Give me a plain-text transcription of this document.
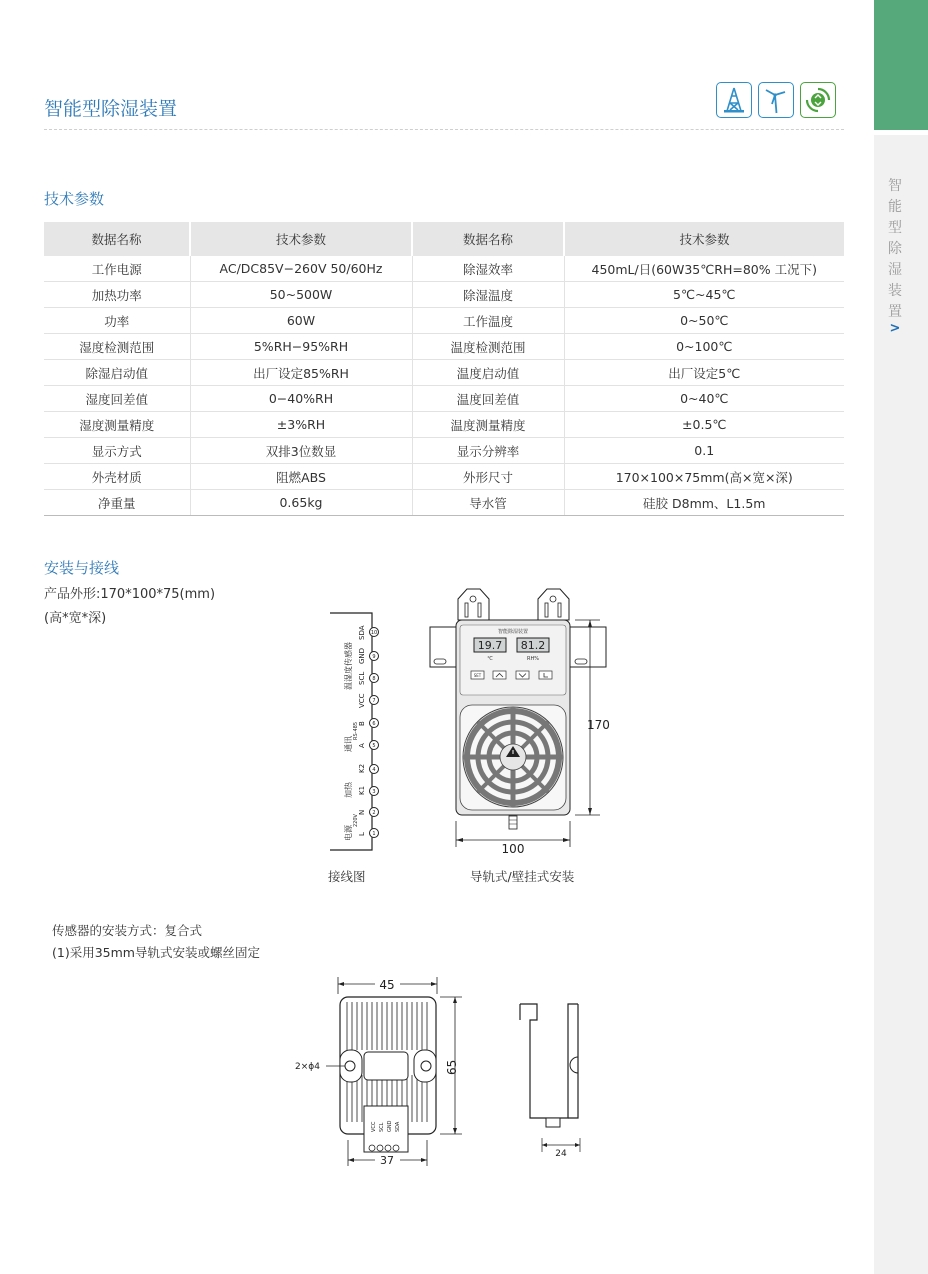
智
能
型
除
湿
装
置
>
智能型除湿装置
技术参数
数据名称	技术参数	数据名称	技术参数
工作电源	AC/DC85V−260V 50/60Hz	除湿效率	450mL/日(60W35℃RH=80% 工况下)
加热功率	50~500W	除湿温度	5℃~45℃
功率	60W	工作温度	0~50℃
湿度检测范围	5%RH−95%RH	温度检测范围	0~100℃
除湿启动值	出厂设定85%RH	温度启动值	出厂设定5℃
湿度回差值	0−40%RH	温度回差值	0~40℃
湿度测量精度	±3%RH	温度测量精度	±0.5℃
显示方式	双排3位数显	显示分辨率	0.1
外壳材质	阻燃ABS	外形尺寸	170×100×75mm(高×宽×深)
净重量	0.65kg	导水管	硅胶 D8mm、L1.5m
安装与接线
产品外形:170*100*75(mm)
(高*宽*深)
1
2
3
4
5
6
7
8
9
10
L
N
K1
K2
A
B
VCC
SCL
GND
SDA
220V
RS-485
电源
加热
通讯
温湿度传感器
接线图
智能除湿装置
19.7 81.2
℃	RH%
SET
170
100
导轨式/壁挂式安装
传感器的安装方式：复合式
(1)采用35mm导轨式安装或螺丝固定
45
2×ϕ4
VCC SCL GND SDA
65
37	24
